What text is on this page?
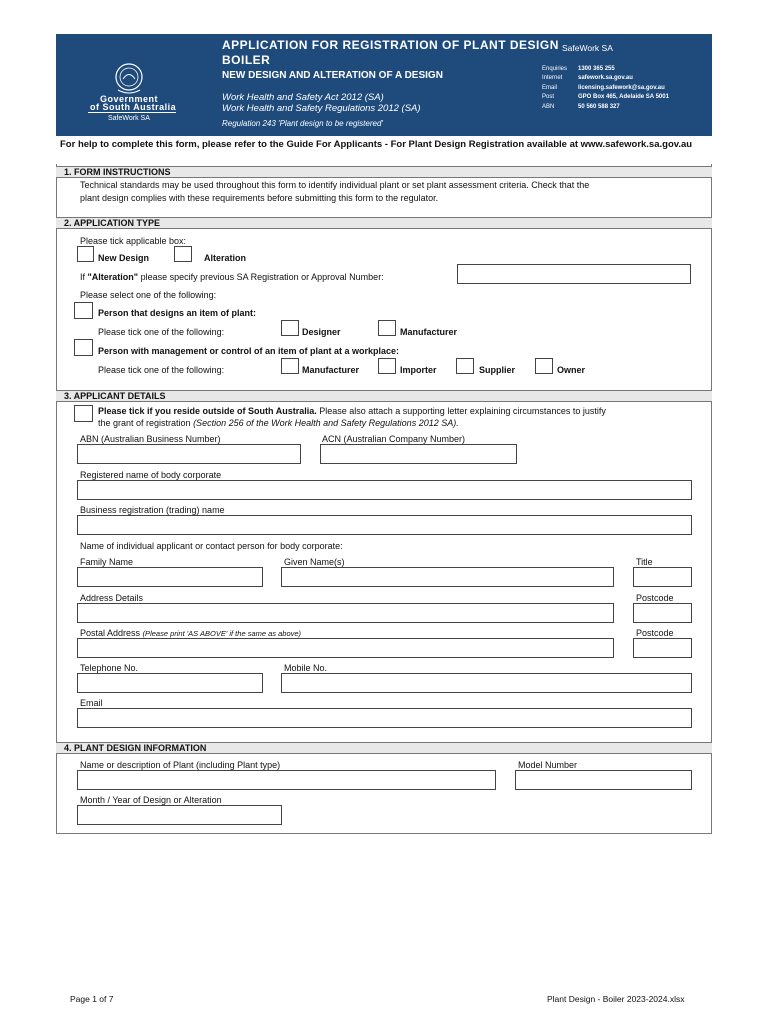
Government
of South Australia
SafeWork SA
APPLICATION FOR REGISTRATION OF PLANT DESIGN
BOILER
NEW DESIGN AND ALTERATION OF A DESIGN
Work Health and Safety Act 2012 (SA)
Work Health and Safety Regulations 2012 (SA)
Regulation 243 'Plant design to be registered'
SafeWork SA
Enquiries 1300 365 255
Internet	safework.sa.gov.au
Email	licensing.safework@sa.gov.au
Post	GPO Box 465, Adelaide SA 5001
ABN	50 560 588 327
For help to complete this form, please refer to the Guide For Applicants - For Plant Design Registration available at www.safework.sa.gov.au
1. FORM INSTRUCTIONS
Technical standards may be used throughout this form to identify individual plant or set plant assessment criteria. Check that the
plant design complies with these requirements before submitting this form to the regulator.
2. APPLICATION TYPE
Please tick applicable box:
New Design	Alteration
If "Alteration" please specify previous SA Registration or Approval Number:
Please select one of the following:
Person that designs an item of plant:
Please tick one of the following:	Designer	Manufacturer
Person with management or control of an item of plant at a workplace:
Please tick one of the following:	Manufacturer	Importer	Supplier	Owner
3. APPLICANT DETAILS
Please tick if you reside outside of South Australia. Please also attach a supporting letter explaining circumstances to justify
the grant of registration (Section 256 of the Work Health and Safety Regulations 2012 SA).
ABN (Australian Business Number)	ACN (Australian Company Number)
Registered name of body corporate
Business registration (trading) name
Name of individual applicant or contact person for body corporate:
Family Name	Given Name(s)	Title
Address Details	Postcode
Postal Address (Please print 'AS ABOVE' if the same as above)	Postcode
Telephone No.	Mobile No.
Email
4. PLANT DESIGN INFORMATION
Name or description of Plant (including Plant type)	Model Number
Month / Year of Design or Alteration
Page 1 of 7	Plant Design - Boiler 2023-2024.xlsx
